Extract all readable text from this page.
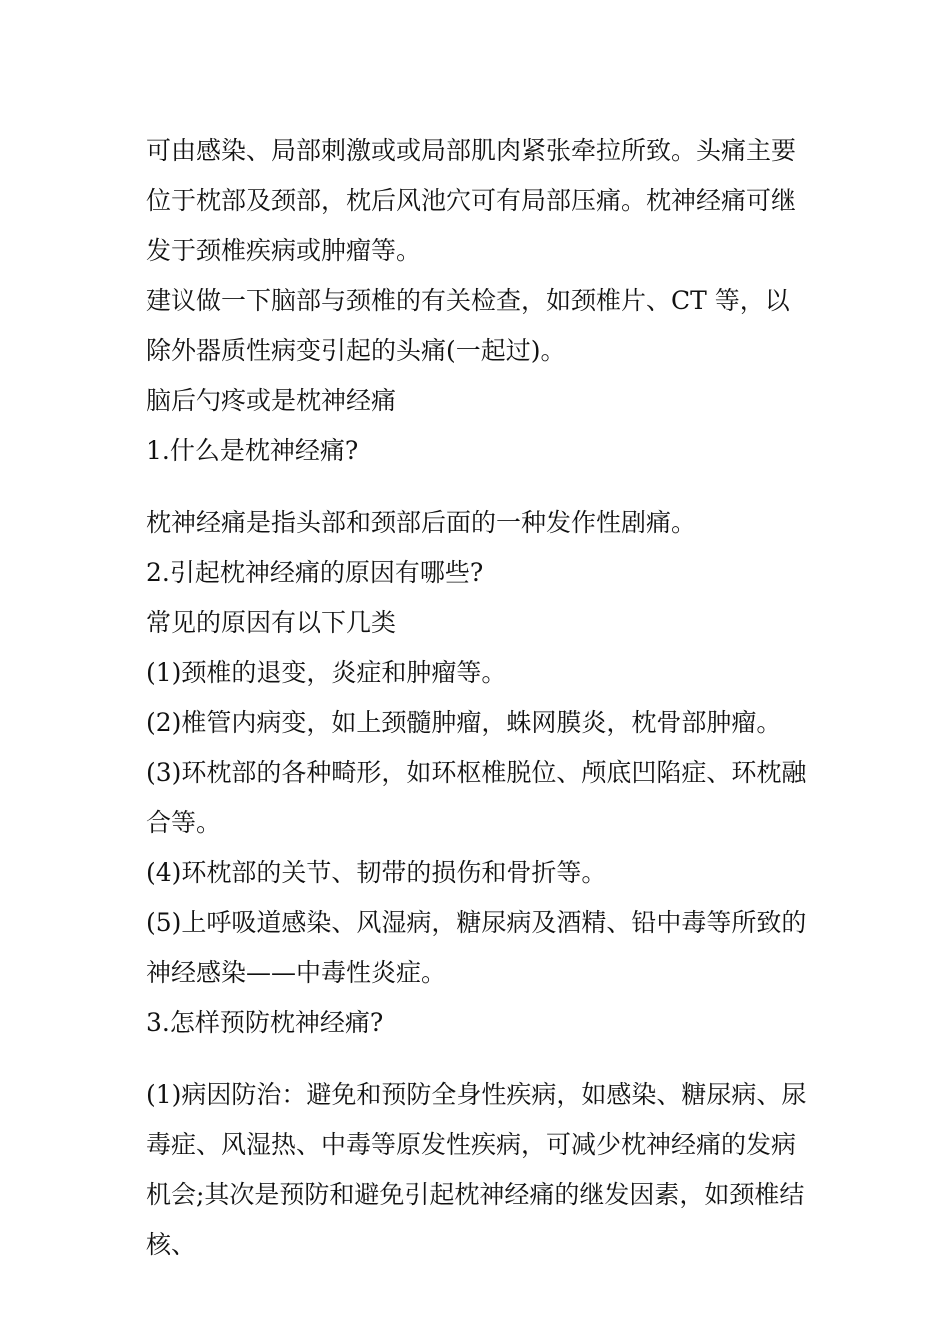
可由感染、局部刺激或或局部肌肉紧张牵拉所致。头痛主要位于枕部及颈部，枕后风池穴可有局部压痛。枕神经痛可继发于颈椎疾病或肿瘤等。

建议做一下脑部与颈椎的有关检查，如颈椎片、CT 等，以除外器质性病变引起的头痛(一起过)。

脑后勺疼或是枕神经痛

1.什么是枕神经痛?

枕神经痛是指头部和颈部后面的一种发作性剧痛。

2.引起枕神经痛的原因有哪些?

常见的原因有以下几类

(1)颈椎的退变，炎症和肿瘤等。

(2)椎管内病变，如上颈髓肿瘤，蛛网膜炎，枕骨部肿瘤。

(3)环枕部的各种畸形，如环枢椎脱位、颅底凹陷症、环枕融合等。

(4)环枕部的关节、韧带的损伤和骨折等。

(5)上呼吸道感染、风湿病，糖尿病及酒精、铅中毒等所致的神经感染——中毒性炎症。

3.怎样预防枕神经痛?

(1)病因防治：避免和预防全身性疾病，如感染、糖尿病、尿毒症、风湿热、中毒等原发性疾病，可减少枕神经痛的发病机会;其次是预防和避免引起枕神经痛的继发因素，如颈椎结核、
